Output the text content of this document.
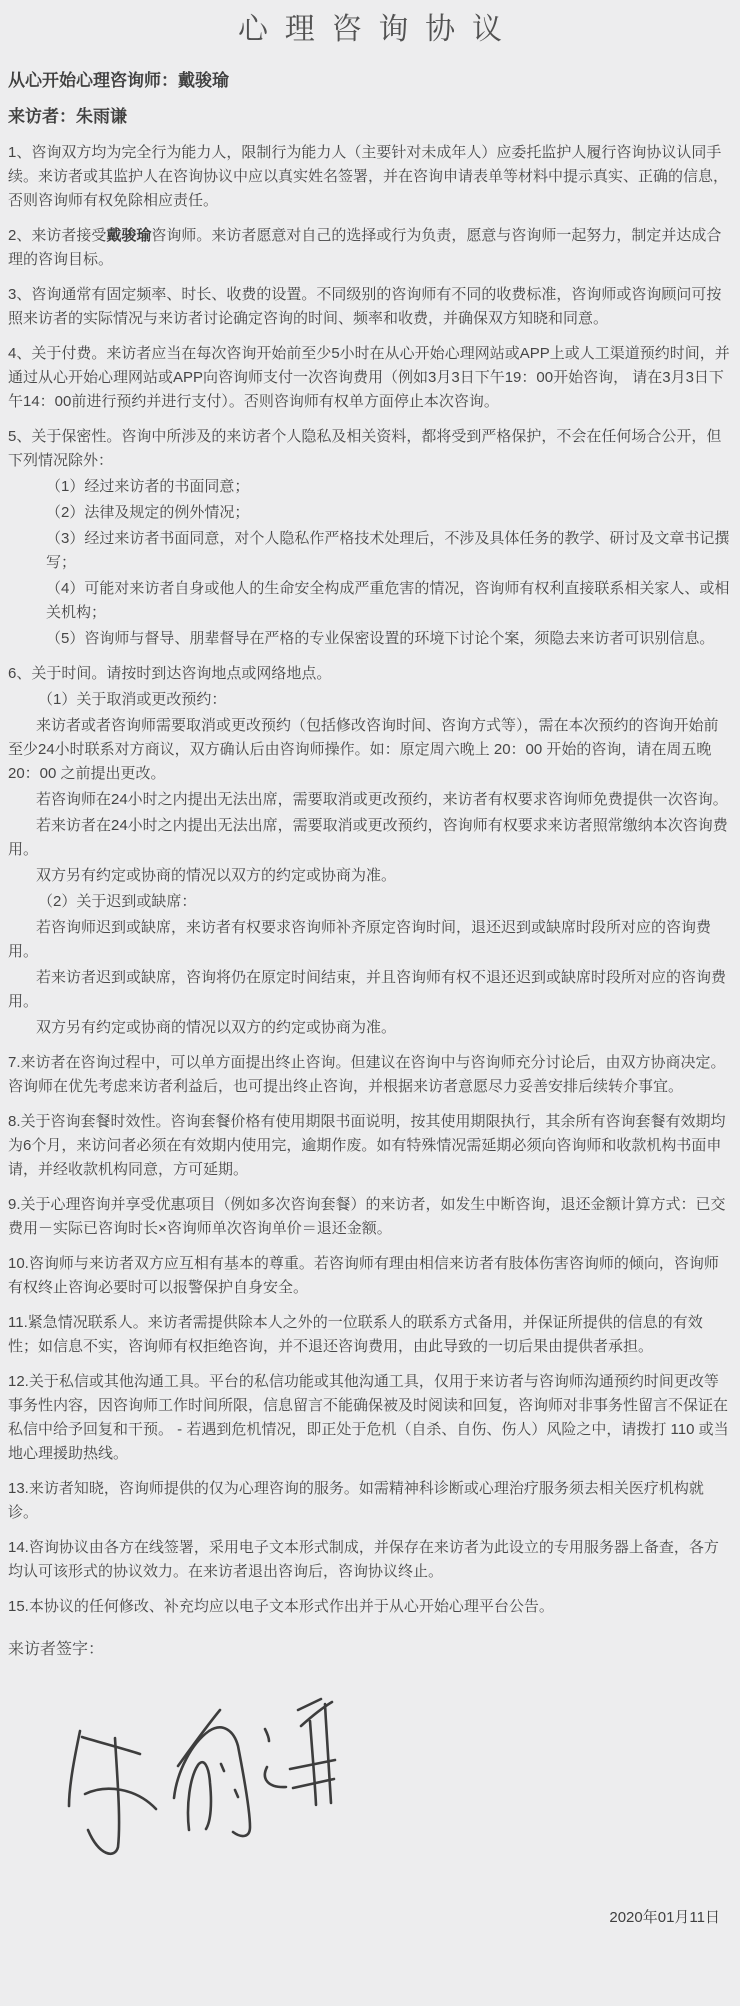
心理咨询协议
从心开始心理咨询师：戴骏瑜
来访者：朱雨谦
1、咨询双方均为完全行为能力人，限制行为能力人（主要针对未成年人）应委托监护人履行咨询协议认同手续。来访者或其监护人在咨询协议中应以真实姓名签署，并在咨询申请表单等材料中提示真实、正确的信息，否则咨询师有权免除相应责任。
2、来访者接受戴骏瑜咨询师。来访者愿意对自己的选择或行为负责，愿意与咨询师一起努力，制定并达成合理的咨询目标。
3、咨询通常有固定频率、时长、收费的设置。不同级别的咨询师有不同的收费标准，咨询师或咨询顾问可按照来访者的实际情况与来访者讨论确定咨询的时间、频率和收费，并确保双方知晓和同意。
4、关于付费。来访者应当在每次咨询开始前至少5小时在从心开始心理网站或APP上或人工渠道预约时间，并通过从心开始心理网站或APP向咨询师支付一次咨询费用（例如3月3日下午19：00开始咨询， 请在3月3日下午14：00前进行预约并进行支付）。否则咨询师有权单方面停止本次咨询。
5、关于保密性。咨询中所涉及的来访者个人隐私及相关资料，都将受到严格保护，不会在任何场合公开，但下列情况除外：
（1）经过来访者的书面同意；
（2）法律及规定的例外情况；
（3）经过来访者书面同意，对个人隐私作严格技术处理后，不涉及具体任务的教学、研讨及文章书记撰写；
（4）可能对来访者自身或他人的生命安全构成严重危害的情况，咨询师有权利直接联系相关家人、或相关机构；
（5）咨询师与督导、朋辈督导在严格的专业保密设置的环境下讨论个案，须隐去来访者可识别信息。
6、关于时间。请按时到达咨询地点或网络地点。
（1）关于取消或更改预约：
来访者或者咨询师需要取消或更改预约（包括修改咨询时间、咨询方式等），需在本次预约的咨询开始前至少24小时联系对方商议，双方确认后由咨询师操作。如：原定周六晚上 20：00 开始的咨询，请在周五晚 20：00 之前提出更改。
若咨询师在24小时之内提出无法出席，需要取消或更改预约，来访者有权要求咨询师免费提供一次咨询。
若来访者在24小时之内提出无法出席，需要取消或更改预约，咨询师有权要求来访者照常缴纳本次咨询费用。
双方另有约定或协商的情况以双方的约定或协商为准。
（2）关于迟到或缺席：
若咨询师迟到或缺席，来访者有权要求咨询师补齐原定咨询时间，退还迟到或缺席时段所对应的咨询费用。
若来访者迟到或缺席，咨询将仍在原定时间结束，并且咨询师有权不退还迟到或缺席时段所对应的咨询费用。
双方另有约定或协商的情况以双方的约定或协商为准。
7.来访者在咨询过程中，可以单方面提出终止咨询。但建议在咨询中与咨询师充分讨论后，由双方协商决定。咨询师在优先考虑来访者利益后，也可提出终止咨询，并根据来访者意愿尽力妥善安排后续转介事宜。
8.关于咨询套餐时效性。咨询套餐价格有使用期限书面说明，按其使用期限执行，其余所有咨询套餐有效期均为6个月，来访问者必须在有效期内使用完，逾期作废。如有特殊情况需延期必须向咨询师和收款机构书面申请，并经收款机构同意，方可延期。
9.关于心理咨询并享受优惠项目（例如多次咨询套餐）的来访者，如发生中断咨询，退还金额计算方式：已交费用－实际已咨询时长×咨询师单次咨询单价＝退还金额。
10.咨询师与来访者双方应互相有基本的尊重。若咨询师有理由相信来访者有肢体伤害咨询师的倾向，咨询师有权终止咨询必要时可以报警保护自身安全。
11.紧急情况联系人。来访者需提供除本人之外的一位联系人的联系方式备用，并保证所提供的信息的有效性；如信息不实，咨询师有权拒绝咨询，并不退还咨询费用，由此导致的一切后果由提供者承担。
12.关于私信或其他沟通工具。平台的私信功能或其他沟通工具，仅用于来访者与咨询师沟通预约时间更改等事务性内容，因咨询师工作时间所限，信息留言不能确保被及时阅读和回复，咨询师对非事务性留言不保证在私信中给予回复和干预。 - 若遇到危机情况，即正处于危机（自杀、自伤、伤人）风险之中，请拨打 110 或当地心理援助热线。
13.来访者知晓，咨询师提供的仅为心理咨询的服务。如需精神科诊断或心理治疗服务须去相关医疗机构就诊。
14.咨询协议由各方在线签署，采用电子文本形式制成，并保存在来访者为此设立的专用服务器上备查，各方均认可该形式的协议效力。在来访者退出咨询后，咨询协议终止。
15.本协议的任何修改、补充均应以电子文本形式作出并于从心开始心理平台公告。
来访者签字：
2020年01月11日
